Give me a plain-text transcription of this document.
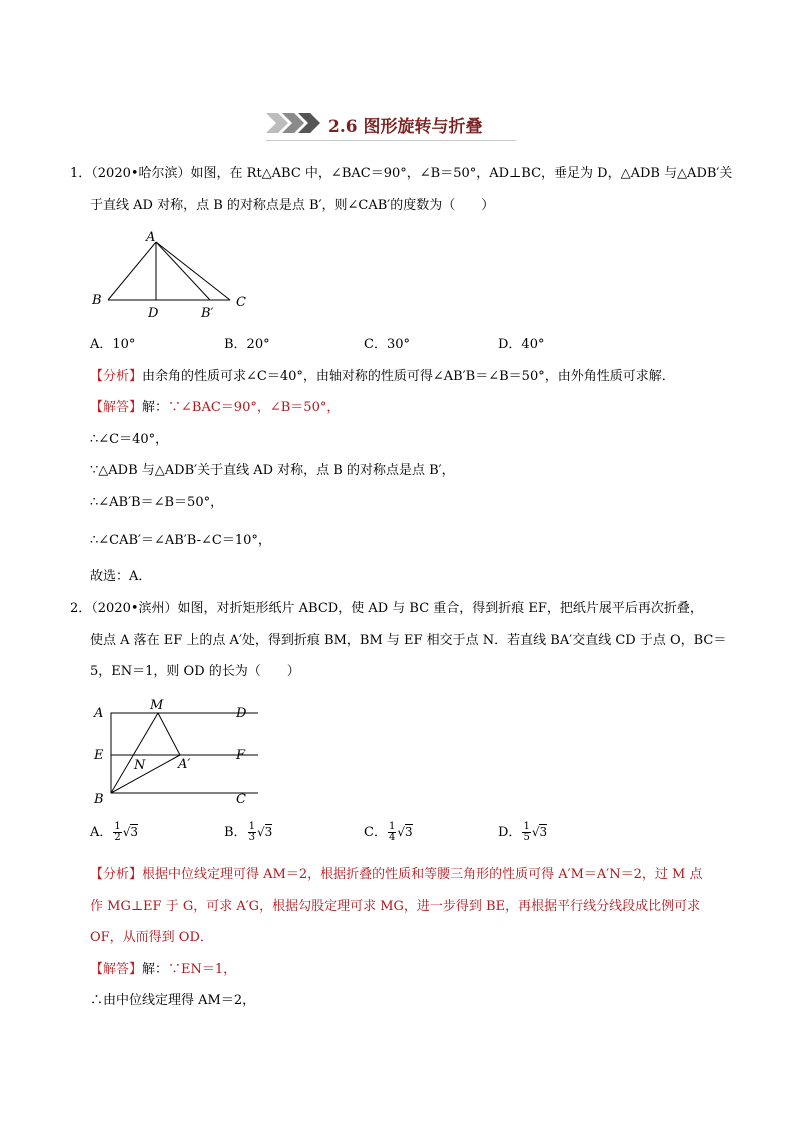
2.6 图形旋转与折叠
1．（2020•哈尔滨）如图，在 Rt△ABC 中，∠BAC＝90°，∠B＝50°，AD⊥BC，垂足为 D，△ADB 与△ADB′关
于直线 AD 对称，点 B 的对称点是点 B′，则∠CAB′的度数为（　　）
A
B	C
D	B′
A．10°	B．20°	C．30°	D．40°
【分析】由余角的性质可求∠C＝40°，由轴对称的性质可得∠AB′B＝∠B＝50°，由外角性质可求解．
【解答】解：∵∠BAC＝90°，∠B＝50°，
∴∠C＝40°，
∵△ADB 与△ADB′关于直线 AD 对称，点 B 的对称点是点 B′，
∴∠AB′B＝∠B＝50°，
∴∠CAB′＝∠AB′B-∠C＝10°，
故选：A．
2．（2020•滨州）如图，对折矩形纸片 ABCD，使 AD 与 BC 重合，得到折痕 EF，把纸片展平后再次折叠，
使点 A 落在 EF 上的点 A′处，得到折痕 BM，BM 与 EF 相交于点 N．若直线 BA′交直线 CD 于点 O，BC＝
5，EN＝1，则 OD 的长为（　　）
A
M
E
N	A′
B
D
F
C
A． $\frac{1}{2} √3$	B． $\frac{1}{3} √3$	C． $\frac{1}{4} √3$	D． $\frac{1}{5} √3$
【分析】根据中位线定理可得 AM＝2，根据折叠的性质和等腰三角形的性质可得 A′M＝A′N＝2，过 M 点
作 MG⊥EF 于 G，可求 A′G，根据勾股定理可求 MG，进一步得到 BE，再根据平行线分线段成比例可求
OF，从而得到 OD．
【解答】解：∵EN＝1，
∴由中位线定理得 AM＝2，
